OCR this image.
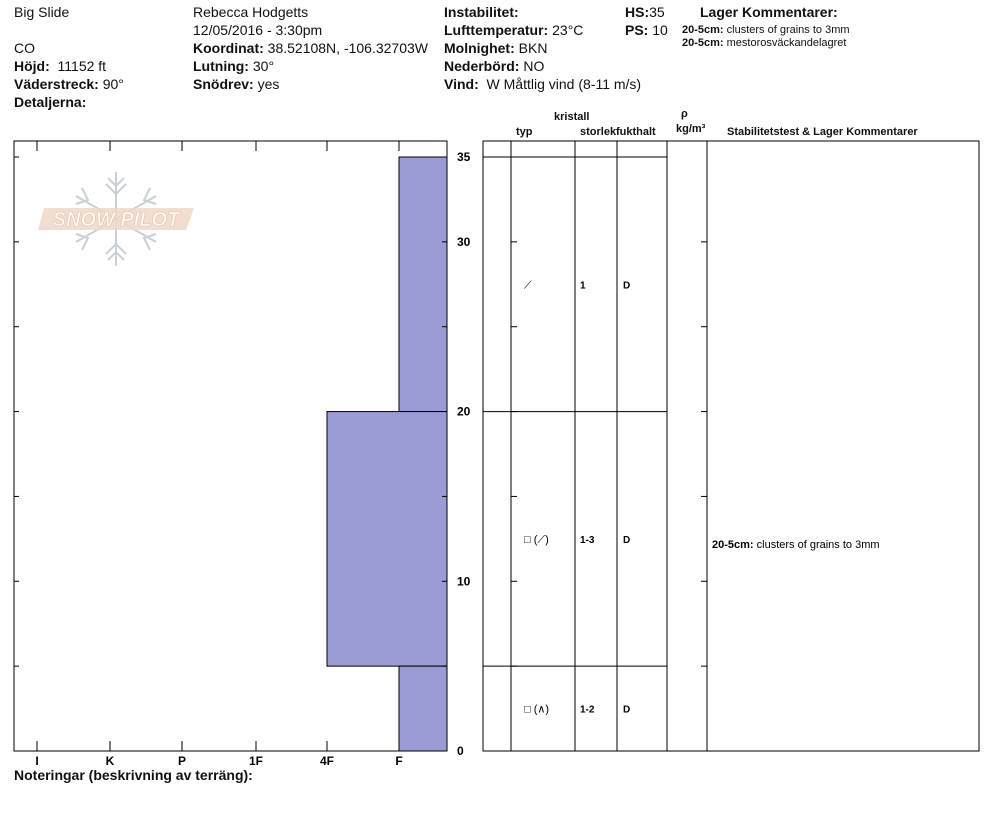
Big Slide
CO
Höjd: 11152 ft
Väderstreck: 90°
Detaljerna:
Rebecca Hodgetts
12/05/2016 - 3:30pm
Koordinat: 38.52108N, -106.32703W
Lutning: 30°
Snödrev: yes
Instabilitet:
Lufttemperatur: 23°C
Molnighet: BKN
Nederbörd: NO
Vind: W Måttlig vind (8-11 m/s)
HS:35
PS: 10
Lager Kommentarer:
20-5cm: clusters of grains to 3mm
20-5cm: mestorosväckandelagret
kristall
typ	storlek fukthalt
ρ
kg/m³ Stabilitetstest & Lager Kommentarer
Noteringar (beskrivning av terräng):
SNOW PILOT
I	K	P	1F	4F	F
0
10
20
30
35
⟋	1	D
□ (⟋)	1-3	D	20-5cm: clusters of grains to 3mm
□ (∧)	1-2	D
